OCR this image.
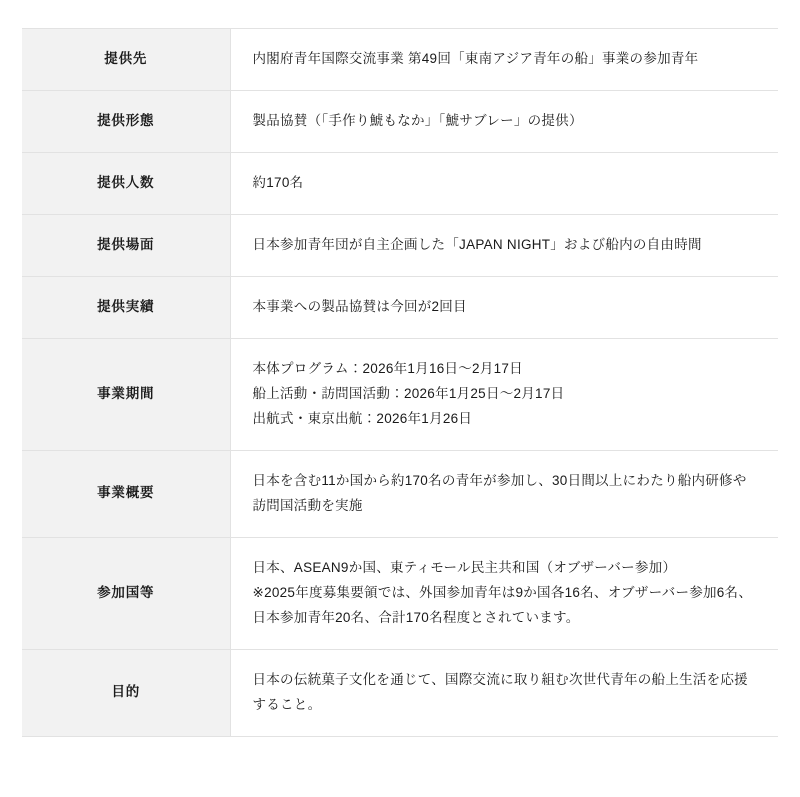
提供先	内閣府青年国際交流事業 第49回「東南アジア青年の船」事業の参加青年

提供形態	製品協賛（「手作り鯱もなか」「鯱サブレー」の提供）

提供人数	約170名

提供場面	日本参加青年団が自主企画した「JAPAN NIGHT」および船内の自由時間

提供実績	本事業への製品協賛は今回が2回目

事業期間	本体プログラム：2026年1月16日〜2月17日
船上活動・訪問国活動：2026年1月25日〜2月17日
出航式・東京出航：2026年1月26日

事業概要	日本を含む11か国から約170名の青年が参加し、30日間以上にわたり船内研修や訪問国活動を実施

参加国等	日本、ASEAN9か国、東ティモール民主共和国（オブザーバー参加）
※2025年度募集要領では、外国参加青年は9か国各16名、オブザーバー参加6名、日本参加青年20名、合計170名程度とされています。

目的	日本の伝統菓子文化を通じて、国際交流に取り組む次世代青年の船上生活を応援すること。
